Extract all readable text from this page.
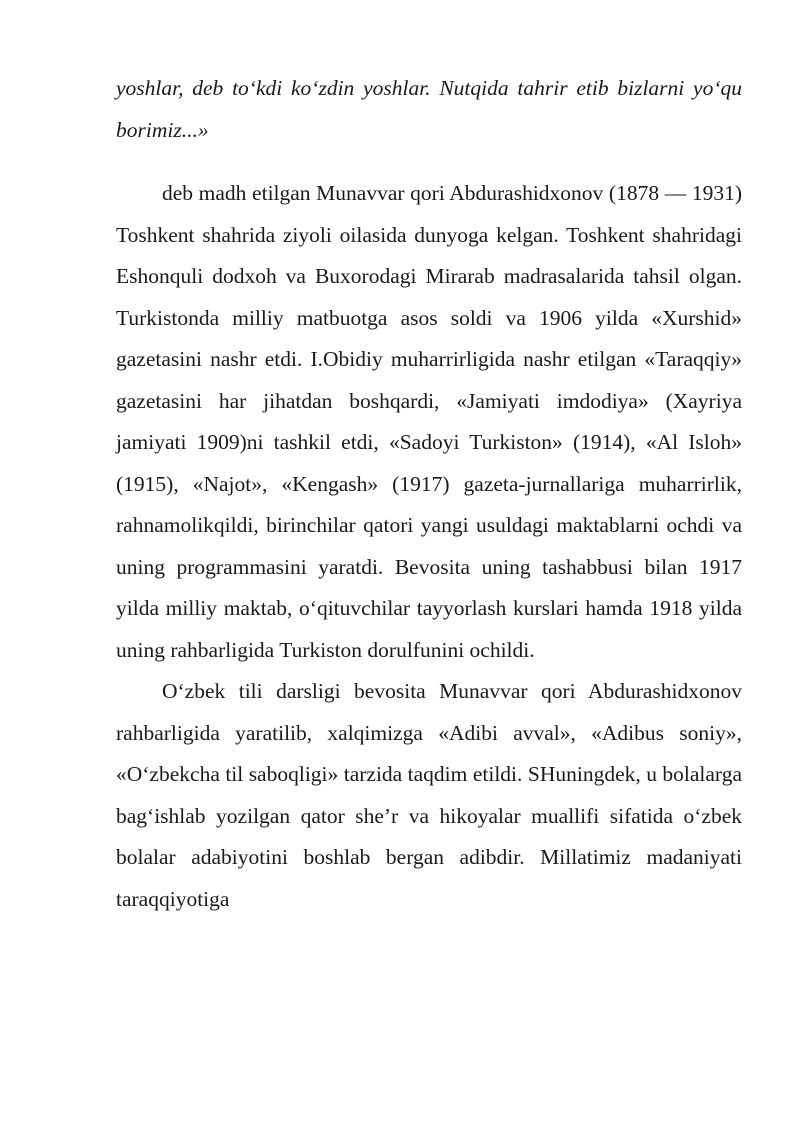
yoshlar, deb to‘kdi ko‘zdin yoshlar. Nutqida tahrir etib bizlarni yo‘qu borimiz...»

deb madh etilgan Munavvar qori Abdurashidxonov (1878 — 1931) Toshkent shahrida ziyoli oilasida dunyoga kelgan. Toshkent shahridagi Eshonquli dodxoh va Buxorodagi Mirarab madrasalarida tahsil olgan. Turkistonda milliy matbuotga asos soldi va 1906 yilda «Xurshid» gazetasini nashr etdi. I.Obidiy muharrirligida nashr etilgan «Taraqqiy» gazetasini har jihatdan boshqardi, «Jamiyati imdodiya» (Xayriya jamiyati 1909)ni tashkil etdi, «Sadoyi Turkiston» (1914), «Al Isloh» (1915), «Najot», «Kengash» (1917) gazeta-jurnallariga muharrirlik, rahnamolikqildi, birinchilar qatori yangi usuldagi maktablarni ochdi va uning programmasini yaratdi. Bevosita uning tashabbusi bilan 1917 yilda milliy maktab, o‘qituvchilar tayyorlash kurslari hamda 1918 yilda uning rahbarligida Turkiston dorulfunini ochildi.

O‘zbek tili darsligi bevosita Munavvar qori Abdurashidxonov rahbarligida yaratilib, xalqimizga «Adibi avval», «Adibus soniy», «O‘zbekcha til saboqligi» tarzida taqdim etildi. SHuningdek, u bolalarga bag‘ishlab yozilgan qator she’r va hikoyalar muallifi sifatida o‘zbek bolalar adabiyotini boshlab bergan adibdir. Millatimiz madaniyati taraqqiyotiga
